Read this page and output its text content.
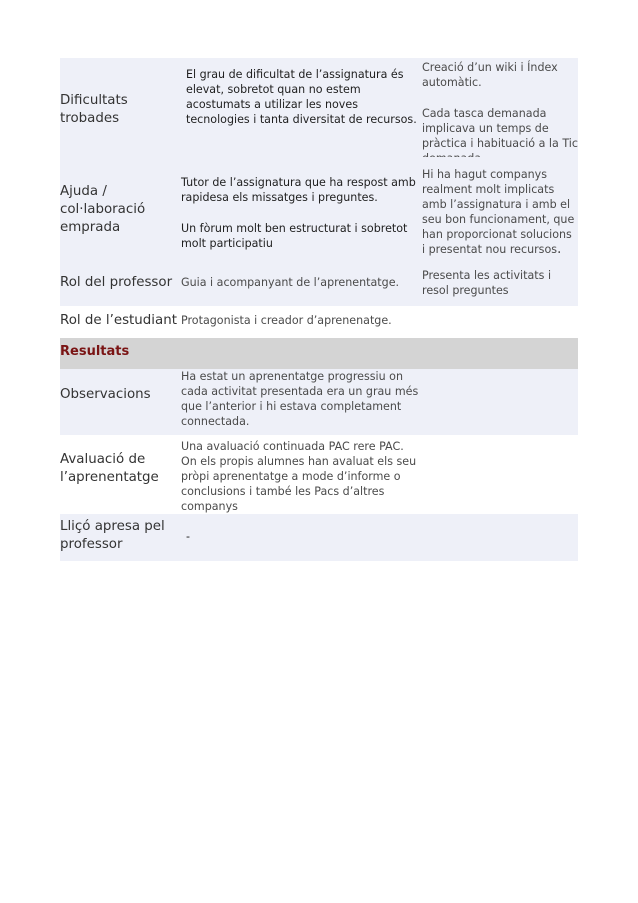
Dificultats trobades
El grau de dificultat de l’assignatura és elevat, sobretot quan no estem acostumats a utilizar les noves tecnologies i tanta diversitat de recursos.
Creació d’un wiki i Índex automàtic.
Cada tasca demanada implicava un temps de pràctica i habituació a la Tic
Ajuda / col·laboració emprada
Tutor de l’assignatura que ha respost amb rapidesa els missatges i preguntes.
Un fòrum molt ben estructurat i sobretot molt participatiu
Hi ha hagut companys realment molt implicats amb l’assignatura i amb el seu bon funcionament, que han proporcionat solucions i presentat nou recursos.
Rol del professor Guia i acompanyant de l’aprenentatge.
Presenta les activitats i resol preguntes
Rol de l’estudiant Protagonista i creador d’aprenenatge.
Resultats
Observacions
Ha estat un aprenentatge progressiu on cada activitat presentada era un grau més que l’anterior i hi estava completament connectada.
Avaluació de l’aprenentatge
Una avaluació continuada PAC rere PAC. On els propis alumnes han avaluat els seu pròpi aprenentatge a mode d’informe o conclusions i també les Pacs d’altres companys
Lliçó apresa pel professor
-
